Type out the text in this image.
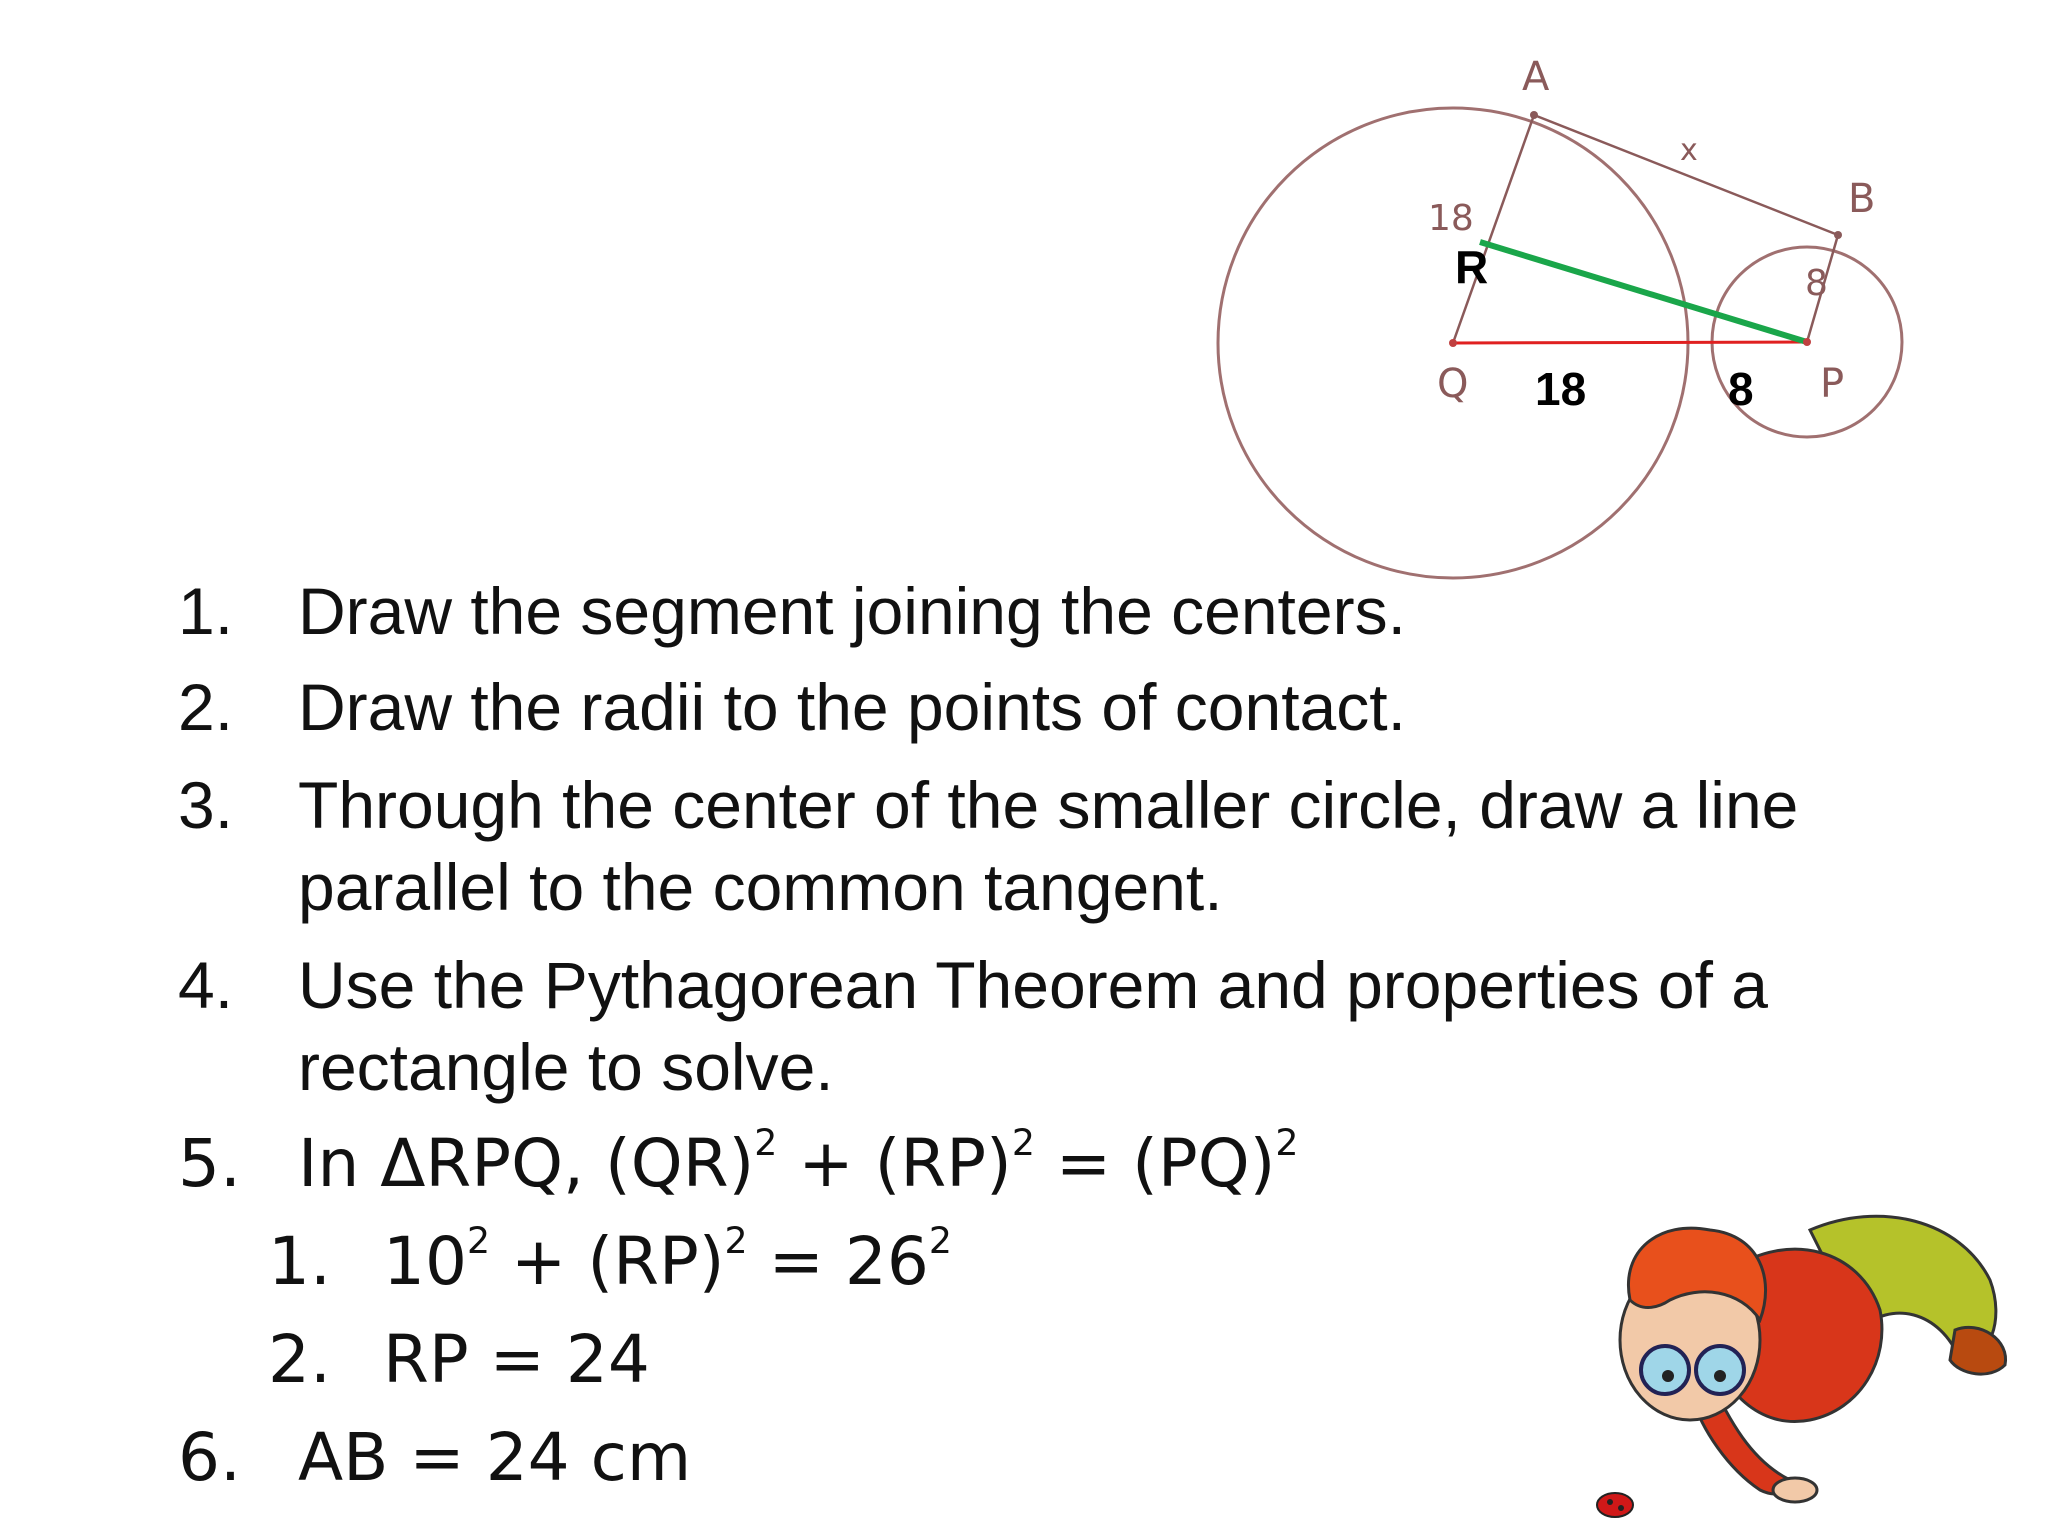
A
B
Q	P
x
18
8
R
18	8
1. Draw the segment joining the centers.
2. Draw the radii to the points of contact.
3. Through the center of the smaller circle, draw a line
parallel to the common tangent.
4. Use the Pythagorean Theorem and properties of a
rectangle to solve.
5. In ΔRPQ, (QR)$^2$ + (RP)$^2$ = (PQ)$^2$
1. $10^2 + (RP)^2 = 26^2$
2. RP = 24
6. AB = 24 cm
